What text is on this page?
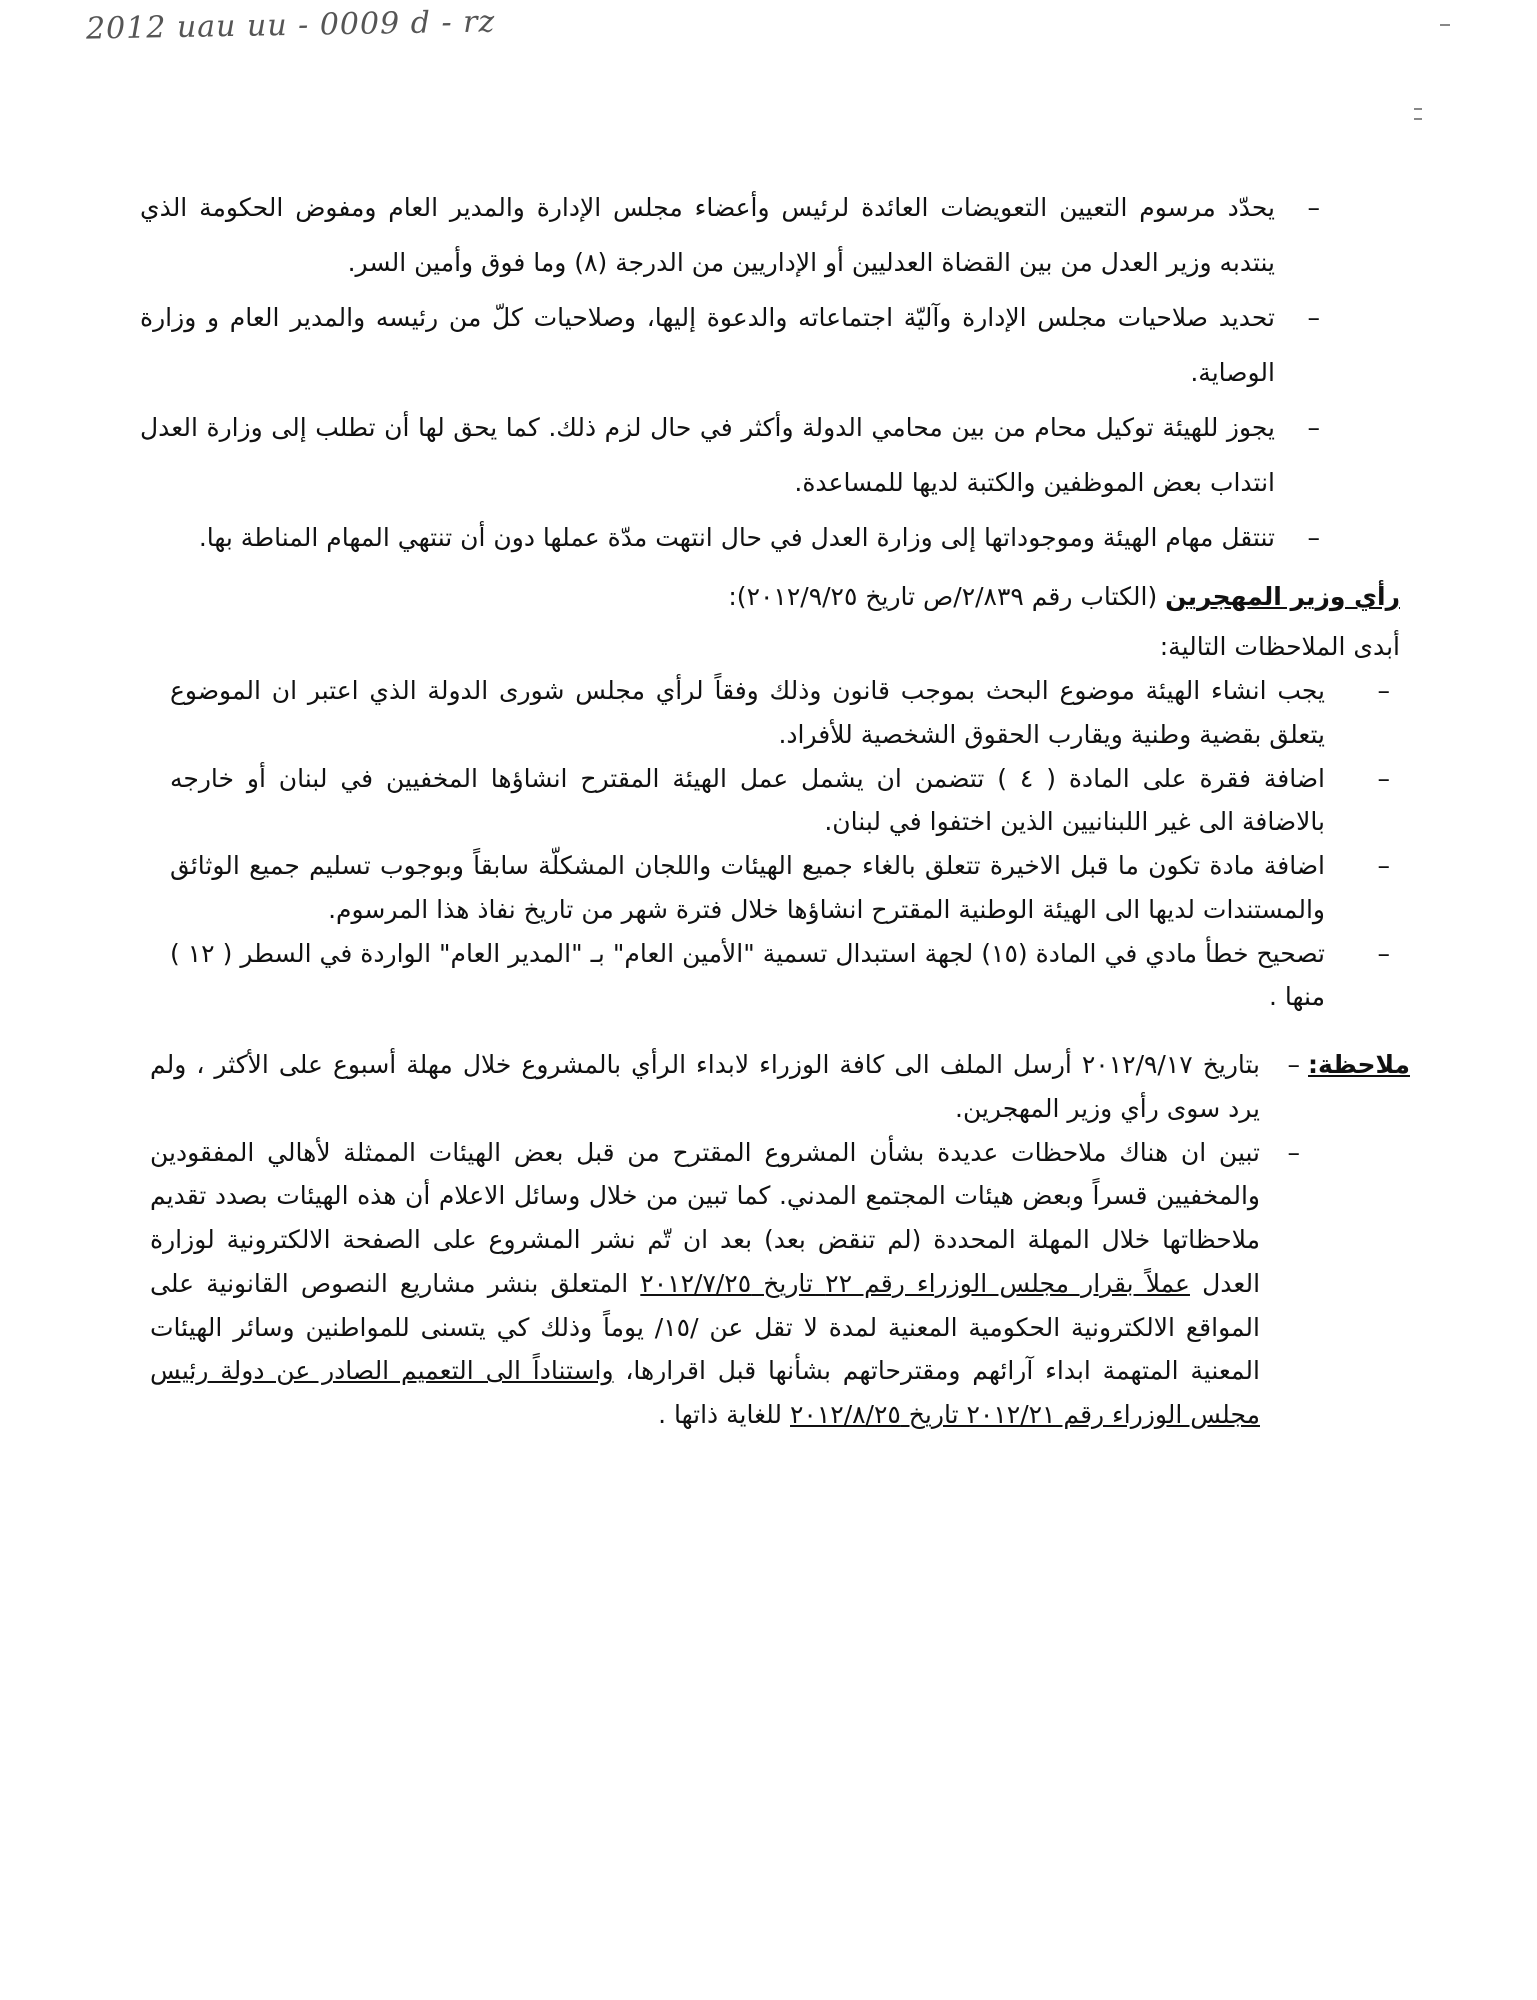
2012 uau uu - 0009 d - rz
–
يحدّد مرسوم التعيين التعويضات العائدة لرئيس وأعضاء مجلس الإدارة والمدير العام ومفوض الحكومة الذي ينتدبه وزير العدل من بين القضاة العدليين أو الإداريين من الدرجة (٨) وما فوق وأمين السر.
–
تحديد صلاحيات مجلس الإدارة وآليّة اجتماعاته والدعوة إليها، وصلاحيات كلّ من رئيسه والمدير العام و وزارة الوصاية.
–
يجوز للهيئة توكيل محام من بين محامي الدولة وأكثر في حال لزم ذلك. كما يحق لها أن تطلب إلى وزارة العدل انتداب بعض الموظفين والكتبة لديها للمساعدة.
–
تنتقل مهام الهيئة وموجوداتها إلى وزارة العدل في حال انتهت مدّة عملها دون أن تنتهي المهام المناطة بها.
رأي وزير المهجرين (الكتاب رقم ٢/٨٣٩/ص تاريخ ٢٠١٢/٩/٢٥):
أبدى الملاحظات التالية:
–
يجب انشاء الهيئة موضوع البحث بموجب قانون وذلك وفقاً لرأي مجلس شورى الدولة الذي اعتبر ان الموضوع يتعلق بقضية وطنية ويقارب الحقوق الشخصية للأفراد.
–
اضافة فقرة على المادة ( ٤ ) تتضمن ان يشمل عمل الهيئة المقترح انشاؤها المخفيين في لبنان أو خارجه بالاضافة الى غير اللبنانيين الذين اختفوا في لبنان.
–
اضافة مادة تكون ما قبل الاخيرة تتعلق بالغاء جميع الهيئات واللجان المشكلّة سابقاً وبوجوب تسليم جميع الوثائق والمستندات لديها الى الهيئة الوطنية المقترح انشاؤها خلال فترة شهر من تاريخ نفاذ هذا المرسوم.
–
تصحيح خطأ مادي في المادة (١٥) لجهة استبدال تسمية "الأمين العام" بـ "المدير العام" الواردة في السطر ( ١٢ ) منها .
ملاحظة:
–
بتاريخ ٢٠١٢/٩/١٧ أرسل الملف الى كافة الوزراء لابداء الرأي بالمشروع خلال مهلة أسبوع على الأكثر ، ولم يرد سوى رأي وزير المهجرين.
–
تبين ان هناك ملاحظات عديدة بشأن المشروع المقترح من قبل بعض الهيئات الممثلة لأهالي المفقودين والمخفيين قسراً وبعض هيئات المجتمع المدني. كما تبين من خلال وسائل الاعلام أن هذه الهيئات بصدد تقديم ملاحظاتها خلال المهلة المحددة (لم تنقض بعد) بعد ان تّم نشر المشروع على الصفحة الالكترونية لوزارة العدل عملاً بقرار مجلس الوزراء رقم ٢٢ تاريخ ٢٠١٢/٧/٢٥ المتعلق بنشر مشاريع النصوص القانونية على المواقع الالكترونية الحكومية المعنية لمدة لا تقل عن /١٥/ يوماً وذلك كي يتسنى للمواطنين وسائر الهيئات المعنية المتهمة ابداء آرائهم ومقترحاتهم بشأنها قبل اقرارها، واستناداً الى التعميم الصادر عن دولة رئيس مجلس الوزراء رقم ٢٠١٢/٢١ تاريخ ٢٠١٢/٨/٢٥ للغاية ذاتها .
